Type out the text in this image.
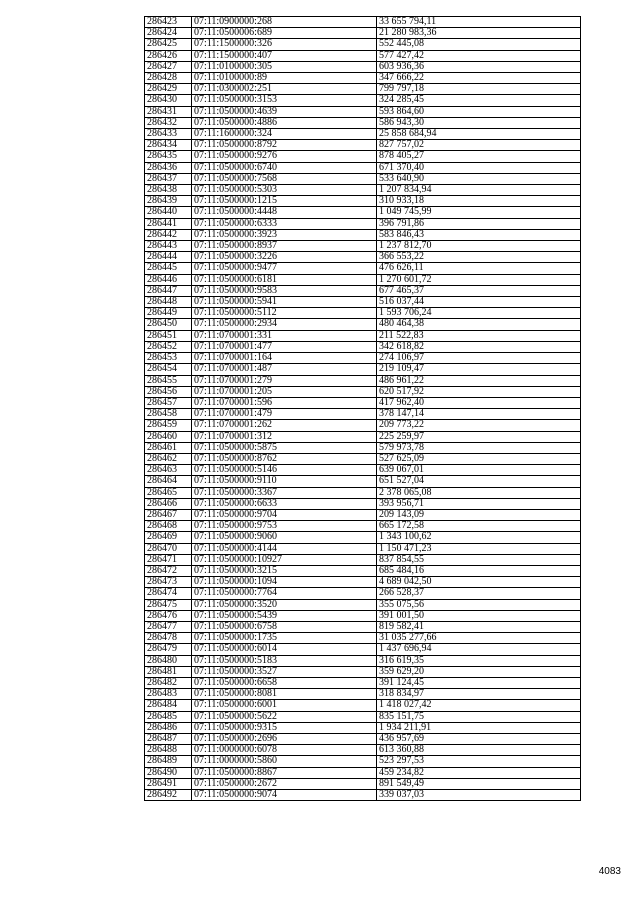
286423	07:11:0900000:268	33 655 794,11
286424	07:11:0500006:689	21 280 983,36
286425	07:11:1500000:326	552 445,08
286426	07:11:1500000:407	577 427,42
286427	07:11:0100000:305	603 936,36
286428	07:11:0100000:89	347 666,22
286429	07:11:0300002:251	799 797,18
286430	07:11:0500000:3153	324 285,45
286431	07:11:0500000:4639	593 864,60
286432	07:11:0500000:4886	586 943,30
286433	07:11:1600000:324	25 858 684,94
286434	07:11:0500000:8792	827 757,02
286435	07:11:0500000:9276	878 405,27
286436	07:11:0500000:6740	671 370,40
286437	07:11:0500000:7568	533 640,90
286438	07:11:0500000:5303	1 207 834,94
286439	07:11:0500000:1215	310 933,18
286440	07:11:0500000:4448	1 049 745,99
286441	07:11:0500000:6333	396 791,86
286442	07:11:0500000:3923	583 846,43
286443	07:11:0500000:8937	1 237 812,70
286444	07:11:0500000:3226	366 553,22
286445	07:11:0500000:9477	476 626,11
286446	07:11:0500000:6181	1 270 601,72
286447	07:11:0500000:9583	677 465,37
286448	07:11:0500000:5941	516 037,44
286449	07:11:0500000:5112	1 593 706,24
286450	07:11:0500000:2934	480 464,38
286451	07:11:0700001:331	211 522,83
286452	07:11:0700001:477	342 618,82
286453	07:11:0700001:164	274 106,97
286454	07:11:0700001:487	219 109,47
286455	07:11:0700001:279	486 961,22
286456	07:11:0700001:205	620 517,92
286457	07:11:0700001:596	417 962,40
286458	07:11:0700001:479	378 147,14
286459	07:11:0700001:262	209 773,22
286460	07:11:0700001:312	225 259,97
286461	07:11:0500000:5875	579 973,78
286462	07:11:0500000:8762	527 625,09
286463	07:11:0500000:5146	639 067,01
286464	07:11:0500000:9110	651 527,04
286465	07:11:0500000:3367	2 378 065,08
286466	07:11:0500000:6633	393 956,71
286467	07:11:0500000:9704	209 143,09
286468	07:11:0500000:9753	665 172,58
286469	07:11:0500000:9060	1 343 100,62
286470	07:11:0500000:4144	1 150 471,23
286471	07:11:0500000:10927	837 854,55
286472	07:11:0500000:3215	685 484,16
286473	07:11:0500000:1094	4 689 042,50
286474	07:11:0500000:7764	266 528,37
286475	07:11:0500000:3520	355 075,56
286476	07:11:0500000:5439	391 001,50
286477	07:11:0500000:6758	819 582,41
286478	07:11:0500000:1735	31 035 277,66
286479	07:11:0500000:6014	1 437 696,94
286480	07:11:0500000:5183	316 619,35
286481	07:11:0500000:3527	359 629,20
286482	07:11:0500000:6658	391 124,45
286483	07:11:0500000:8081	318 834,97
286484	07:11:0500000:6001	1 418 027,42
286485	07:11:0500000:5622	835 151,75
286486	07:11:0500000:9315	1 934 211,91
286487	07:11:0500000:2696	436 957,69
286488	07:11:0000000:6078	613 360,88
286489	07:11:0000000:5860	523 297,53
286490	07:11:0500000:8867	459 234,82
286491	07:11:0500000:2672	891 549,49
286492	07:11:0500000:9074	339 037,03
4083
